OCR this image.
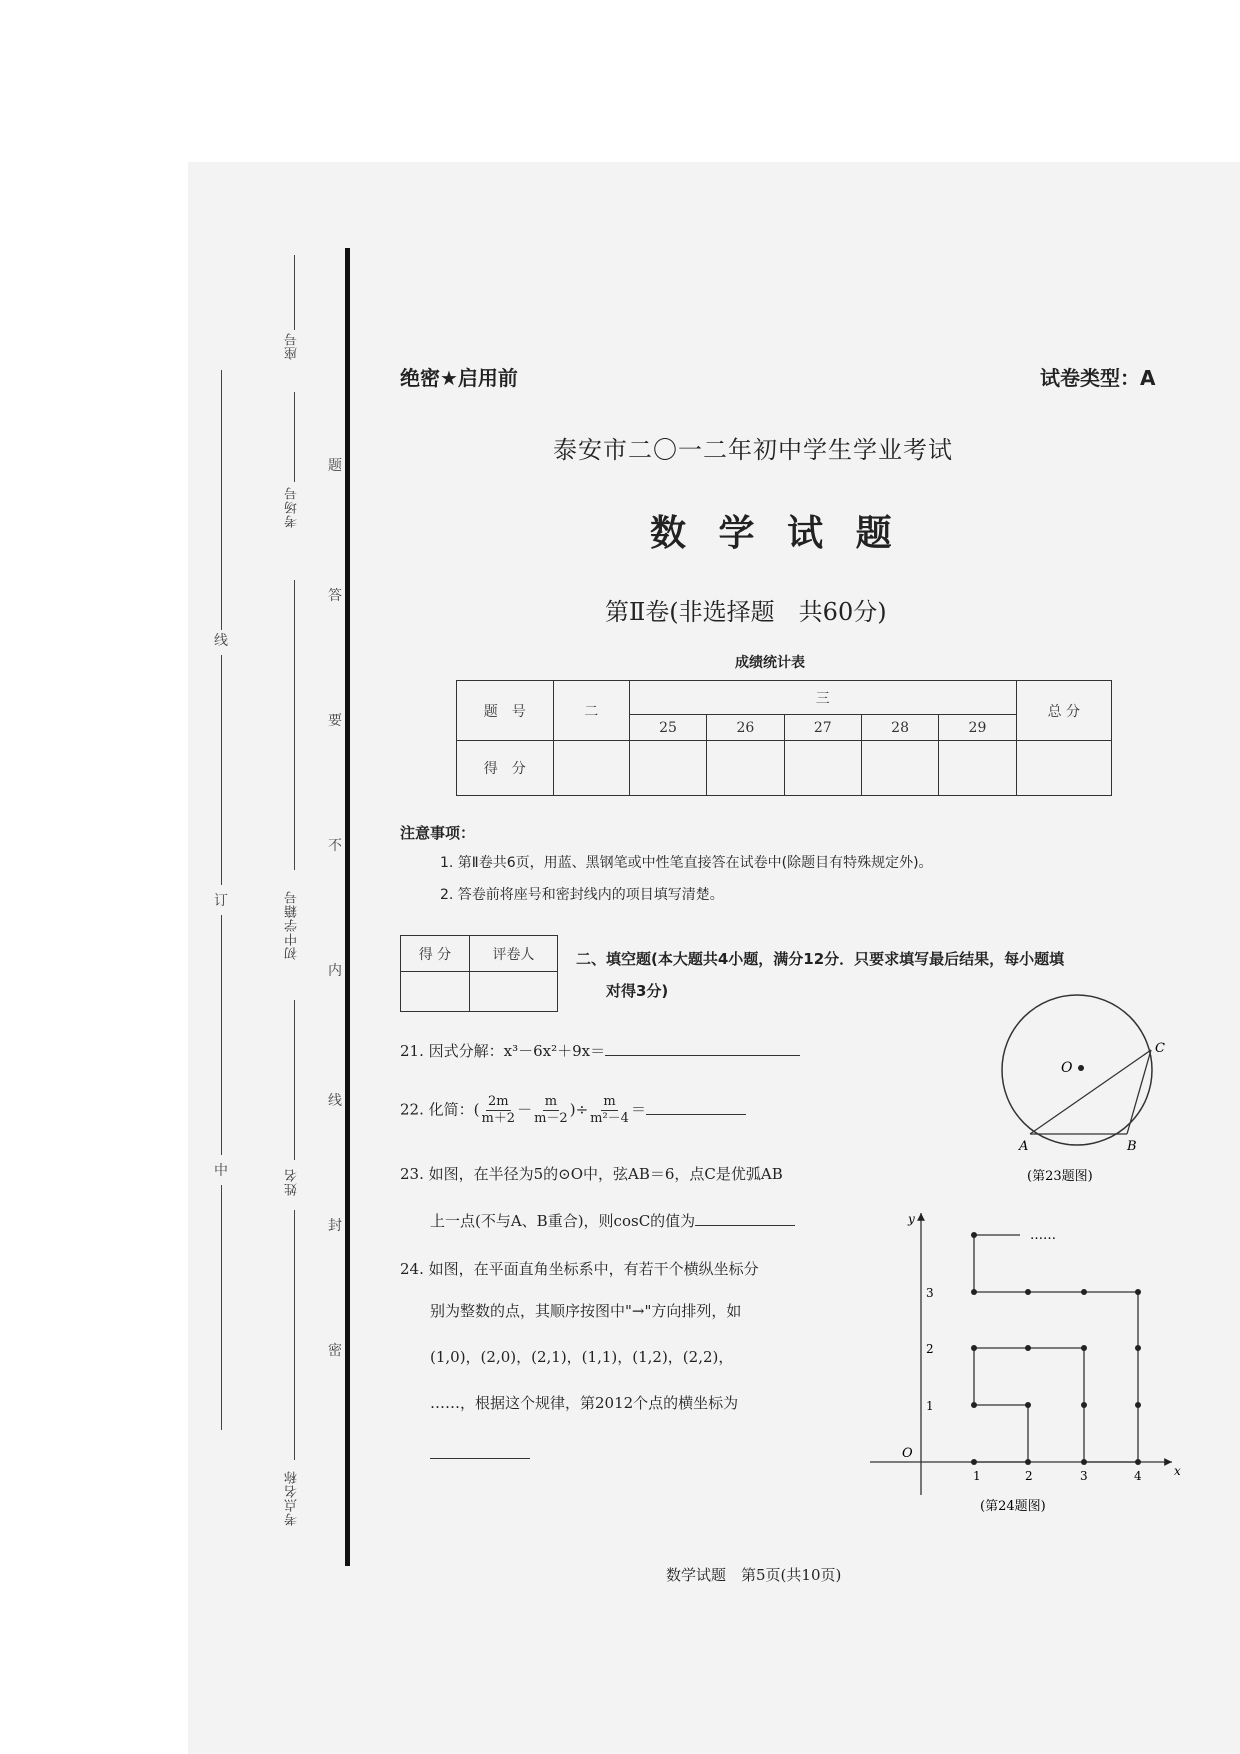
座号
考场号
初中学籍号
姓名
考点名称
线
订
中
题
答
要
不
内
线
封
密
绝密★启用前	试卷类型：A
泰安市二〇一二年初中学生学业考试
数 学 试 题
第Ⅱ卷(非选择题　共60分)
成绩统计表
题　号	二	三					总 分
		25	26	27	28	29	
得　分							
注意事项：
1. 第Ⅱ卷共6页，用蓝、黑钢笔或中性笔直接答在试卷中(除题目有特殊规定外)。
2. 答卷前将座号和密封线内的项目填写清楚。
得 分	评卷人
		二、填空题(本大题共4小题，满分12分．只要求填写最后结果，每小题填
对得3分)
21. 因式分解：x³－6x²＋9x＝
22. 化简：( $\frac{2m}{m+2} - \frac{m}{m-2}$ )÷ $\frac{m}{\text{m²－4}}$ ＝
23. 如图，在半径为5的⊙O中，弦AB＝6，点C是优弧AB
上一点(不与A、B重合)，则cosC的值为
24. 如图，在平面直角坐标系中，有若干个横纵坐标分
别为整数的点，其顺序按图中"→"方向排列，如
(1,0)，(2,0)，(2,1)，(1,1)，(1,2)，(2,2)，
……，根据这个规律，第2012个点的横坐标为
O
A	B
C
(第23题图)
x
y
O
1	2	3	4
1
2
3
……
(第24题图)
数学试题　第5页(共10页)
